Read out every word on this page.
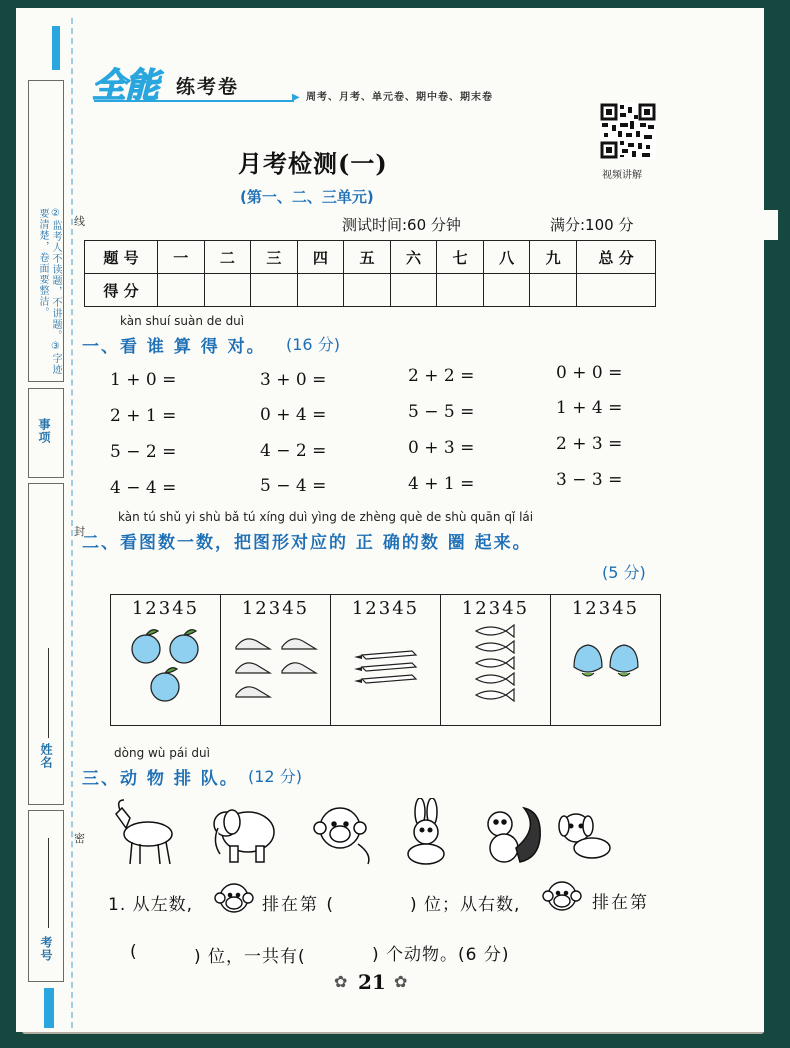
②监考人不读题，不讲题。③字迹要清楚，卷面要整洁。
事项
线
封
密
姓名
考号
全能 练考卷	▶ 周考、月考、单元卷、期中卷、期末卷
视频讲解
月考检测(一)
(第一、二、三单元)
测试时间:60 分钟	满分:100 分
题 号	一	二	三	四	五	六	七	八	九	总 分
得 分										
kàn shuí suàn de duì
一、看 谁 算 得 对。 (16 分)
1 + 0 =	3 + 0 =	2 + 2 =	0 + 0 =
2 + 1 =	0 + 4 =	5 − 5 =	1 + 4 =
5 − 2 =	4 − 2 =	0 + 3 =	2 + 3 =
4 − 4 =	5 − 4 =	4 + 1 =	3 − 3 =
kàn tú shǔ yi shù bǎ tú xíng duì yìng de zhèng què de shù quān qǐ lái
二、看图数一数，把图形对应的 正 确的数 圈 起来。
(5 分)
12345	12345	12345	12345	12345
dòng wù pái duì
三、动 物 排 队。 (12 分)
1. 从左数,	排在第 (	) 位；从右数,	排在第
(	) 位，一共有(	) 个动物。(6 分)
✿ 21 ✿
